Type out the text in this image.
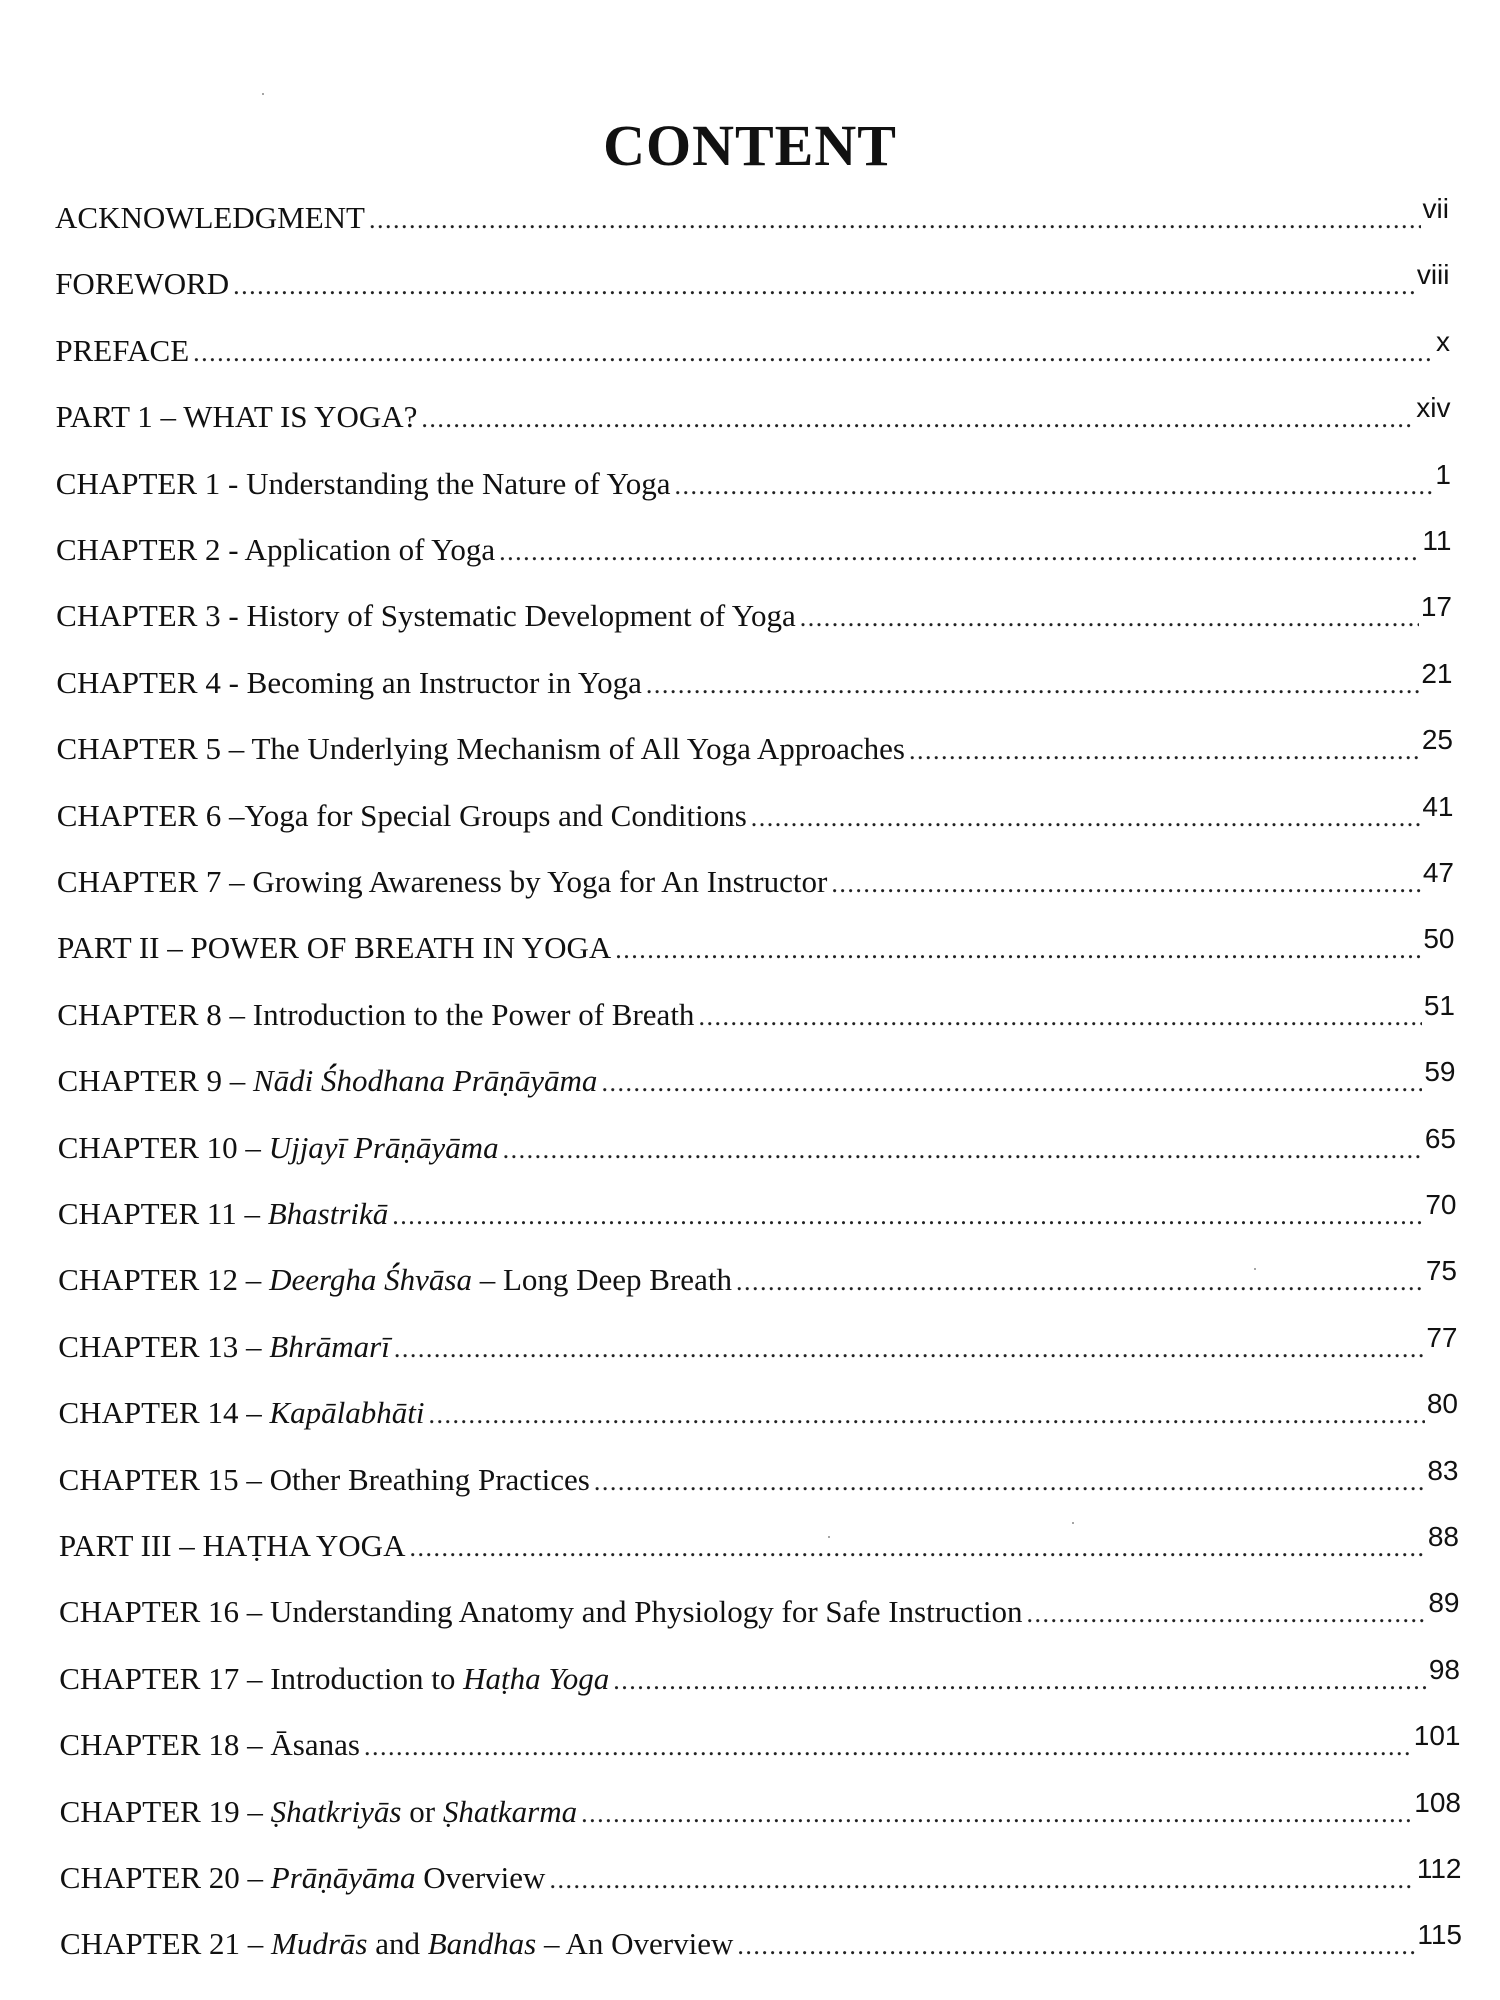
CONTENT
ACKNOWLEDGMENT .....	vii
FOREWORD .....	viii
PREFACE .....	x
PART 1 – WHAT IS YOGA? .....	xiv
CHAPTER 1 - Understanding the Nature of Yoga .....	1
CHAPTER 2 - Application of Yoga .....	11
CHAPTER 3 - History of Systematic Development of Yoga .....	17
CHAPTER 4 - Becoming an Instructor in Yoga .....	21
CHAPTER 5 – The Underlying Mechanism of All Yoga Approaches .....	25
CHAPTER 6 –Yoga for Special Groups and Conditions .....	41
CHAPTER 7 – Growing Awareness by Yoga for An Instructor .....	47
PART II – POWER OF BREATH IN YOGA .....	50
CHAPTER 8 – Introduction to the Power of Breath .....	51
CHAPTER 9 – Nādi Ś́hodhana Prāṇāyāma .....	59
CHAPTER 10 – Ujjayī Prāṇāyāma .....	65
CHAPTER 11 – Bhastrikā .....	70
CHAPTER 12 – Deergha Ś́hvāsa – Long Deep Breath .....	75
CHAPTER 13 – Bhrāmarī .....	77
CHAPTER 14 – Kapālabhāti .....	80
CHAPTER 15 – Other Breathing Practices .....	83
PART III – HAṬHA YOGA .....	88
CHAPTER 16 – Understanding Anatomy and Physiology for Safe Instruction .....	89
CHAPTER 17 – Introduction to Haṭha Yoga .....	98
CHAPTER 18 – Āsanas .....	101
CHAPTER 19 – Ṣhatkriyās or Ṣhatkarma .....	108
CHAPTER 20 – Prāṇāyāma Overview .....	112
CHAPTER 21 – Mudrās and Bandhas – An Overview .....	115
